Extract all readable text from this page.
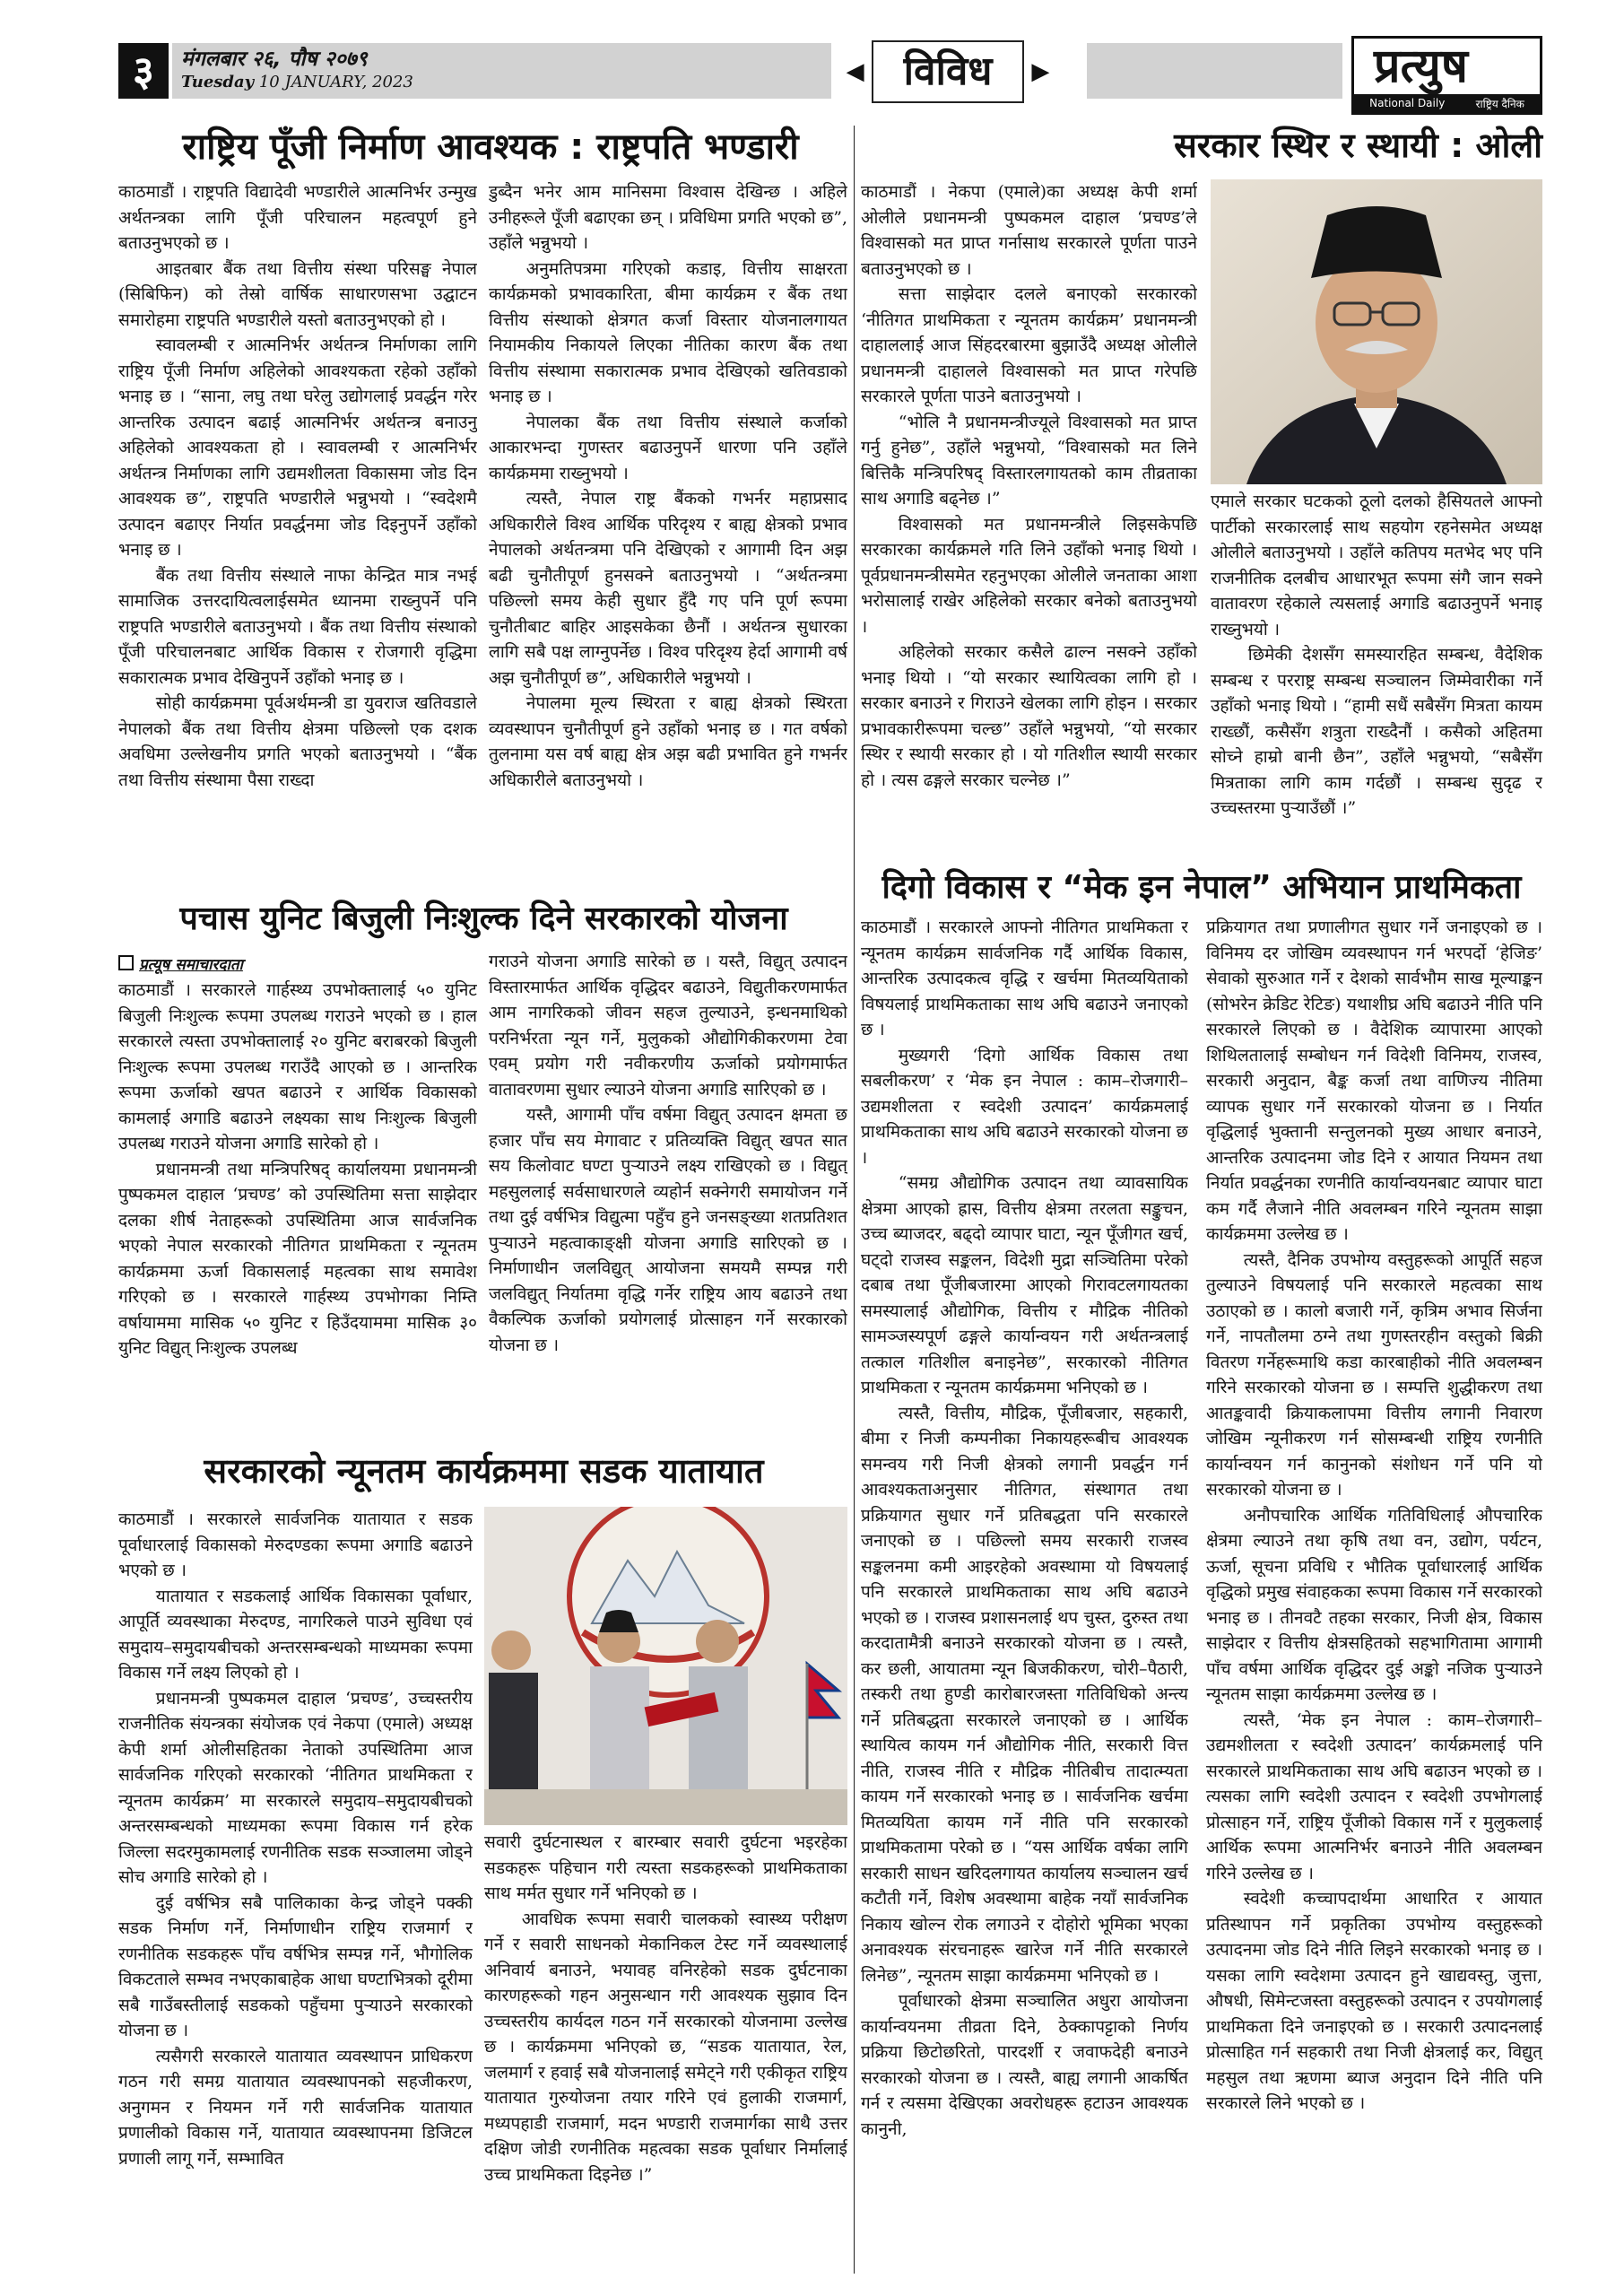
३	मंगलबार २६, पौष २०७९
Tuesday 10 JANUARY, 2023	◀	विविध	▶	प्रत्युष
National Daily	राष्ट्रिय दैनिक
राष्ट्रिय पूँजी निर्माण आवश्यक : राष्ट्रपति भण्डारी

काठमाडौं । राष्ट्रपति विद्यादेवी भण्डारीले आत्मनिर्भर उन्मुख अर्थतन्त्रका लागि पूँजी परिचालन महत्वपूर्ण हुने बताउनुभएको छ ।

आइतबार बैंक तथा वित्तीय संस्था परिसङ्घ नेपाल (सिबिफिन) को तेस्रो वार्षिक साधारणसभा उद्घाटन समारोहमा राष्ट्रपति भण्डारीले यस्तो बताउनुभएको हो ।

स्वावलम्बी र आत्मनिर्भर अर्थतन्त्र निर्माणका लागि राष्ट्रिय पूँजी निर्माण अहिलेको आवश्यकता रहेको उहाँको भनाइ छ । “साना, लघु तथा घरेलु उद्योगलाई प्रवर्द्धन गरेर आन्तरिक उत्पादन बढाई आत्मनिर्भर अर्थतन्त्र बनाउनु अहिलेको आवश्यकता हो । स्वावलम्बी र आत्मनिर्भर अर्थतन्त्र निर्माणका लागि उद्यमशीलता विकासमा जोड दिन आवश्यक छ”, राष्ट्रपति भण्डारीले भन्नुभयो । “स्वदेशमै उत्पादन बढाएर निर्यात प्रवर्द्धनमा जोड दिइनुपर्ने उहाँको भनाइ छ ।

बैंक तथा वित्तीय संस्थाले नाफा केन्द्रित मात्र नभई सामाजिक उत्तरदायित्वलाईसमेत ध्यानमा राख्नुपर्ने पनि राष्ट्रपति भण्डारीले बताउनुभयो । बैंक तथा वित्तीय संस्थाको पूँजी परिचालनबाट आर्थिक विकास र रोजगारी वृद्धिमा सकारात्मक प्रभाव देखिनुपर्ने उहाँको भनाइ छ ।

सोही कार्यक्रममा पूर्वअर्थमन्त्री डा युवराज खतिवडाले नेपालको बैंक तथा वित्तीय क्षेत्रमा पछिल्लो एक दशक अवधिमा उल्लेखनीय प्रगति भएको बताउनुभयो । “बैंक तथा वित्तीय संस्थामा पैसा राख्दा

डुब्दैन भनेर आम मानिसमा विश्वास देखिन्छ । अहिले उनीहरूले पूँजी बढाएका छन् । प्रविधिमा प्रगति भएको छ”, उहाँले भन्नुभयो ।

अनुमतिपत्रमा गरिएको कडाइ, वित्तीय साक्षरता कार्यक्रमको प्रभावकारिता, बीमा कार्यक्रम र बैंक तथा वित्तीय संस्थाको क्षेत्रगत कर्जा विस्तार योजनालगायत नियामकीय निकायले लिएका नीतिका कारण बैंक तथा वित्तीय संस्थामा सकारात्मक प्रभाव देखिएको खतिवडाको भनाइ छ ।

नेपालका बैंक तथा वित्तीय संस्थाले कर्जाको आकारभन्दा गुणस्तर बढाउनुपर्ने धारणा पनि उहाँले कार्यक्रममा राख्नुभयो ।

त्यस्तै, नेपाल राष्ट्र बैंकको गभर्नर महाप्रसाद अधिकारीले विश्व आर्थिक परिदृश्य र बाह्य क्षेत्रको प्रभाव नेपालको अर्थतन्त्रमा पनि देखिएको र आगामी दिन अझ बढी चुनौतीपूर्ण हुनसक्ने बताउनुभयो । “अर्थतन्त्रमा पछिल्लो समय केही सुधार हुँदै गए पनि पूर्ण रूपमा चुनौतीबाट बाहिर आइसकेका छैनौं । अर्थतन्त्र सुधारका लागि सबै पक्ष लाग्नुपर्नेछ । विश्व परिदृश्य हेर्दा आगामी वर्ष अझ चुनौतीपूर्ण छ”, अधिकारीले भन्नुभयो ।

नेपालमा मूल्य स्थिरता र बाह्य क्षेत्रको स्थिरता व्यवस्थापन चुनौतीपूर्ण हुने उहाँको भनाइ छ । गत वर्षको तुलनामा यस वर्ष बाह्य क्षेत्र अझ बढी प्रभावित हुने गभर्नर अधिकारीले बताउनुभयो ।

सरकार स्थिर र स्थायी : ओली

काठमाडौं । नेकपा (एमाले)का अध्यक्ष केपी शर्मा ओलीले प्रधानमन्त्री पुष्पकमल दाहाल ‘प्रचण्ड’ले विश्वासको मत प्राप्त गर्नासाथ सरकारले पूर्णता पाउने बताउनुभएको छ ।

सत्ता साझेदार दलले बनाएको सरकारको ‘नीतिगत प्राथमिकता र न्यूनतम कार्यक्रम’ प्रधानमन्त्री दाहाललाई आज सिंहदरबारमा बुझाउँदै अध्यक्ष ओलीले प्रधानमन्त्री दाहालले विश्वासको मत प्राप्त गरेपछि सरकारले पूर्णता पाउने बताउनुभयो ।

“भोलि नै प्रधानमन्त्रीज्यूले विश्वासको मत प्राप्त गर्नु हुनेछ”, उहाँले भन्नुभयो, “विश्वासको मत लिने बित्तिकै मन्त्रिपरिषद् विस्तारलगायतको काम तीव्रताका साथ अगाडि बढ्नेछ ।”

विश्वासको मत प्रधानमन्त्रीले लिइसकेपछि सरकारका कार्यक्रमले गति लिने उहाँको भनाइ थियो । पूर्वप्रधानमन्त्रीसमेत रहनुभएका ओलीले जनताका आशा भरोसालाई राखेर अहिलेको सरकार बनेको बताउनुभयो ।

अहिलेको सरकार कसैले ढाल्न नसक्ने उहाँको भनाइ थियो । “यो सरकार स्थायित्वका लागि हो । सरकार बनाउने र गिराउने खेलका लागि होइन । सरकार प्रभावकारीरूपमा चल्छ” उहाँले भन्नुभयो, “यो सरकार स्थिर र स्थायी सरकार हो । यो गतिशील स्थायी सरकार हो । त्यस ढङ्गले सरकार चल्नेछ ।”

एमाले सरकार घटकको ठूलो दलको हैसियतले आफ्नो पार्टीको सरकारलाई साथ सहयोग रहनेसमेत अध्यक्ष ओलीले बताउनुभयो । उहाँले कतिपय मतभेद भए पनि राजनीतिक दलबीच आधारभूत रूपमा संगै जान सक्ने वातावरण रहेकाले त्यसलाई अगाडि बढाउनुपर्ने भनाइ राख्नुभयो ।

छिमेकी देशसँग समस्यारहित सम्बन्ध, वैदेशिक सम्बन्ध र परराष्ट्र सम्बन्ध सञ्चालन जिम्मेवारीका गर्ने उहाँको भनाइ थियो । “हामी सधैं सबैसँग मित्रता कायम राख्छौं, कसैसँग शत्रुता राख्दैनौं । कसैको अहितमा सोच्ने हाम्रो बानी छैन”, उहाँले भन्नुभयो, “सबैसँग मित्रताका लागि काम गर्दछौं । सम्बन्ध सुदृढ र उच्चस्तरमा पुऱ्याउँछौं ।”

दिगो विकास र “मेक इन नेपाल” अभियान प्राथमिकता

काठमाडौं । सरकारले आफ्नो नीतिगत प्राथमिकता र न्यूनतम कार्यक्रम सार्वजनिक गर्दै आर्थिक विकास, आन्तरिक उत्पादकत्व वृद्धि र खर्चमा मितव्ययिताको विषयलाई प्राथमिकताका साथ अघि बढाउने जनाएको छ ।

मुख्यगरी ‘दिगो आर्थिक विकास तथा सबलीकरण’ र ‘मेक इन नेपाल : काम–रोजगारी–उद्यमशीलता र स्वदेशी उत्पादन’ कार्यक्रमलाई प्राथमिकताका साथ अघि बढाउने सरकारको योजना छ ।

“समग्र औद्योगिक उत्पादन तथा व्यावसायिक क्षेत्रमा आएको ह्रास, वित्तीय क्षेत्रमा तरलता सङ्कुचन, उच्च ब्याजदर, बढ्दो व्यापार घाटा, न्यून पूँजीगत खर्च, घट्दो राजस्व सङ्कलन, विदेशी मुद्रा सञ्चितिमा परेको दबाब तथा पूँजीबजारमा आएको गिरावटलगायतका समस्यालाई औद्योगिक, वित्तीय र मौद्रिक नीतिको सामञ्जस्यपूर्ण ढङ्गले कार्यान्वयन गरी अर्थतन्त्रलाई तत्काल गतिशील बनाइनेछ”, सरकारको नीतिगत प्राथमिकता र न्यूनतम कार्यक्रममा भनिएको छ ।

त्यस्तै, वित्तीय, मौद्रिक, पूँजीबजार, सहकारी, बीमा र निजी कम्पनीका निकायहरूबीच आवश्यक समन्वय गरी निजी क्षेत्रको लगानी प्रवर्द्धन गर्न आवश्यकताअनुसार नीतिगत, संस्थागत तथा प्रक्रियागत सुधार गर्ने प्रतिबद्धता पनि सरकारले जनाएको छ । पछिल्लो समय सरकारी राजस्व सङ्कलनमा कमी आइरहेको अवस्थामा यो विषयलाई पनि सरकारले प्राथमिकताका साथ अघि बढाउने भएको छ । राजस्व प्रशासनलाई थप चुस्त, दुरुस्त तथा करदातामैत्री बनाउने सरकारको योजना छ । त्यस्तै, कर छली, आयातमा न्यून बिजकीकरण, चोरी–पैठारी, तस्करी तथा हुण्डी कारोबारजस्ता गतिविधिको अन्त्य गर्ने प्रतिबद्धता सरकारले जनाएको छ । आर्थिक स्थायित्व कायम गर्न औद्योगिक नीति, सरकारी वित्त नीति, राजस्व नीति र मौद्रिक नीतिबीच तादात्म्यता कायम गर्ने सरकारको भनाइ छ । सार्वजनिक खर्चमा मितव्ययिता कायम गर्ने नीति पनि सरकारको प्राथमिकतामा परेको छ । “यस आर्थिक वर्षका लागि सरकारी साधन खरिदलगायत कार्यालय सञ्चालन खर्च कटौती गर्ने, विशेष अवस्थामा बाहेक नयाँ सार्वजनिक निकाय खोल्न रोक लगाउने र दोहोरो भूमिका भएका अनावश्यक संरचनाहरू खारेज गर्ने नीति सरकारले लिनेछ”, न्यूनतम साझा कार्यक्रममा भनिएको छ ।

पूर्वाधारको क्षेत्रमा सञ्चालित अधुरा आयोजना कार्यान्वयनमा तीव्रता दिने, ठेक्कापट्टाको निर्णय प्रक्रिया छिटोछरितो, पारदर्शी र जवाफदेही बनाउने सरकारको योजना छ । त्यस्तै, बाह्य लगानी आकर्षित गर्न र त्यसमा देखिएका अवरोधहरू हटाउन आवश्यक कानुनी,

प्रक्रियागत तथा प्रणालीगत सुधार गर्ने जनाइएको छ । विनिमय दर जोखिम व्यवस्थापन गर्न भरपर्दो ‘हेजिङ’ सेवाको सुरुआत गर्ने र देशको सार्वभौम साख मूल्याङ्कन (सोभरेन क्रेडिट रेटिङ) यथाशीघ्र अघि बढाउने नीति पनि सरकारले लिएको छ । वैदेशिक व्यापारमा आएको शिथिलतालाई सम्बोधन गर्न विदेशी विनिमय, राजस्व, सरकारी अनुदान, बैङ्क कर्जा तथा वाणिज्य नीतिमा व्यापक सुधार गर्ने सरकारको योजना छ । निर्यात वृद्धिलाई भुक्तानी सन्तुलनको मुख्य आधार बनाउने, आन्तरिक उत्पादनमा जोड दिने र आयात नियमन तथा निर्यात प्रवर्द्धनका रणनीति कार्यान्वयनबाट व्यापार घाटा कम गर्दै लैजाने नीति अवलम्बन गरिने न्यूनतम साझा कार्यक्रममा उल्लेख छ ।

त्यस्तै, दैनिक उपभोग्य वस्तुहरूको आपूर्ति सहज तुल्याउने विषयलाई पनि सरकारले महत्वका साथ उठाएको छ । कालो बजारी गर्ने, कृत्रिम अभाव सिर्जना गर्ने, नापतौलमा ठग्ने तथा गुणस्तरहीन वस्तुको बिक्री वितरण गर्नेहरूमाथि कडा कारबाहीको नीति अवलम्बन गरिने सरकारको योजना छ । सम्पत्ति शुद्धीकरण तथा आतङ्कवादी क्रियाकलापमा वित्तीय लगानी निवारण जोखिम न्यूनीकरण गर्न सोसम्बन्धी राष्ट्रिय रणनीति कार्यान्वयन गर्न कानुनको संशोधन गर्ने पनि यो सरकारको योजना छ ।

अनौपचारिक आर्थिक गतिविधिलाई औपचारिक क्षेत्रमा ल्याउने तथा कृषि तथा वन, उद्योग, पर्यटन, ऊर्जा, सूचना प्रविधि र भौतिक पूर्वाधारलाई आर्थिक वृद्धिको प्रमुख संवाहकका रूपमा विकास गर्ने सरकारको भनाइ छ । तीनवटै तहका सरकार, निजी क्षेत्र, विकास साझेदार र वित्तीय क्षेत्रसहितको सहभागितामा आगामी पाँच वर्षमा आर्थिक वृद्धिदर दुई अङ्को नजिक पुऱ्याउने न्यूनतम साझा कार्यक्रममा उल्लेख छ ।

त्यस्तै, ‘मेक इन नेपाल : काम–रोजगारी–उद्यमशीलता र स्वदेशी उत्पादन’ कार्यक्रमलाई पनि सरकारले प्राथमिकताका साथ अघि बढाउन भएको छ । त्यसका लागि स्वदेशी उत्पादन र स्वदेशी उपभोगलाई प्रोत्साहन गर्ने, राष्ट्रिय पूँजीको विकास गर्ने र मुलुकलाई आर्थिक रूपमा आत्मनिर्भर बनाउने नीति अवलम्बन गरिने उल्लेख छ ।

स्वदेशी कच्चापदार्थमा आधारित र आयात प्रतिस्थापन गर्ने प्रकृतिका उपभोग्य वस्तुहरूको उत्पादनमा जोड दिने नीति लिइने सरकारको भनाइ छ । यसका लागि स्वदेशमा उत्पादन हुने खाद्यवस्तु, जुत्ता, औषधी, सिमेन्टजस्ता वस्तुहरूको उत्पादन र उपयोगलाई प्राथमिकता दिने जनाइएको छ । सरकारी उत्पादनलाई प्रोत्साहित गर्न सहकारी तथा निजी क्षेत्रलाई कर, विद्युत् महसुल तथा ऋणमा ब्याज अनुदान दिने नीति पनि सरकारले लिने भएको छ ।

पचास युनिट बिजुली निःशुल्क दिने सरकारको योजना
प्रत्यूष समाचारदाता

काठमाडौं । सरकारले गार्हस्थ्य उपभोक्तालाई ५० युनिट बिजुली निःशुल्क रूपमा उपलब्ध गराउने भएको छ । हाल सरकारले त्यस्ता उपभोक्तालाई २० युनिट बराबरको बिजुली निःशुल्क रूपमा उपलब्ध गराउँदै आएको छ । आन्तरिक रूपमा ऊर्जाको खपत बढाउने र आर्थिक विकासको कामलाई अगाडि बढाउने लक्ष्यका साथ निःशुल्क बिजुली उपलब्ध गराउने योजना अगाडि सारेको हो ।

प्रधानमन्त्री तथा मन्त्रिपरिषद् कार्यालयमा प्रधानमन्त्री पुष्पकमल दाहाल ‘प्रचण्ड’ को उपस्थितिमा सत्ता साझेदार दलका शीर्ष नेताहरूको उपस्थितिमा आज सार्वजनिक भएको नेपाल सरकारको नीतिगत प्राथमिकता र न्यूनतम कार्यक्रममा ऊर्जा विकासलाई महत्वका साथ समावेश गरिएको छ । सरकारले गार्हस्थ्य उपभोगका निम्ति वर्षायाममा मासिक ५० युनिट र हिउँदयाममा मासिक ३० युनिट विद्युत् निःशुल्क उपलब्ध

गराउने योजना अगाडि सारेको छ । यस्तै, विद्युत् उत्पादन विस्तारमार्फत आर्थिक वृद्धिदर बढाउने, विद्युतीकरणमार्फत आम नागरिकको जीवन सहज तुल्याउने, इन्धनमाथिको परनिर्भरता न्यून गर्ने, मुलुकको औद्योगिकीकरणमा टेवा एवम् प्रयोग गरी नवीकरणीय ऊर्जाको प्रयोगमार्फत वातावरणमा सुधार ल्याउने योजना अगाडि सारिएको छ ।

यस्तै, आगामी पाँच वर्षमा विद्युत् उत्पादन क्षमता छ हजार पाँच सय मेगावाट र प्रतिव्यक्ति विद्युत् खपत सात सय किलोवाट घण्टा पुऱ्याउने लक्ष्य राखिएको छ । विद्युत् महसुललाई सर्वसाधारणले व्यहोर्न सक्नेगरी समायोजन गर्ने तथा दुई वर्षभित्र विद्युत्मा पहुँच हुने जनसङ्ख्या शतप्रतिशत पुऱ्याउने महत्वाकाङ्क्षी योजना अगाडि सारिएको छ । निर्माणाधीन जलविद्युत् आयोजना समयमै सम्पन्न गरी जलविद्युत् निर्यातमा वृद्धि गर्नेर राष्ट्रिय आय बढाउने तथा वैकल्पिक ऊर्जाको प्रयोगलाई प्रोत्साहन गर्ने सरकारको योजना छ ।

सरकारको न्यूनतम कार्यक्रममा सडक यातायात

काठमाडौं । सरकारले सार्वजनिक यातायात र सडक पूर्वाधारलाई विकासको मेरुदण्डका रूपमा अगाडि बढाउने भएको छ ।

यातायात र सडकलाई आर्थिक विकासका पूर्वाधार, आपूर्ति व्यवस्थाका मेरुदण्ड, नागरिकले पाउने सुविधा एवं समुदाय–समुदायबीचको अन्तरसम्बन्धको माध्यमका रूपमा विकास गर्ने लक्ष्य लिएको हो ।

प्रधानमन्त्री पुष्पकमल दाहाल ‘प्रचण्ड’, उच्चस्तरीय राजनीतिक संयन्त्रका संयोजक एवं नेकपा (एमाले) अध्यक्ष केपी शर्मा ओलीसहितका नेताको उपस्थितिमा आज सार्वजनिक गरिएको सरकारको ‘नीतिगत प्राथमिकता र न्यूनतम कार्यक्रम’ मा सरकारले समुदाय–समुदायबीचको अन्तरसम्बन्धको माध्यमका रूपमा विकास गर्न हरेक जिल्ला सदरमुकामलाई रणनीतिक सडक सञ्जालमा जोड्ने सोच अगाडि सारेको हो ।

दुई वर्षभित्र सबै पालिकाका केन्द्र जोड्ने पक्की सडक निर्माण गर्ने, निर्माणाधीन राष्ट्रिय राजमार्ग र रणनीतिक सडकहरू पाँच वर्षभित्र सम्पन्न गर्ने, भौगोलिक विकटताले सम्भव नभएकाबाहेक आधा घण्टाभित्रको दूरीमा सबै गाउँबस्तीलाई सडकको पहुँचमा पुऱ्याउने सरकारको योजना छ ।

त्यसैगरी सरकारले यातायात व्यवस्थापन प्राधिकरण गठन गरी समग्र यातायात व्यवस्थापनको सहजीकरण, अनुगमन र नियमन गर्ने गरी सार्वजनिक यातायात प्रणालीको विकास गर्ने, यातायात व्यवस्थापनमा डिजिटल प्रणाली लागू गर्ने, सम्भावित

सवारी दुर्घटनास्थल र बारम्बार सवारी दुर्घटना भइरहेका सडकहरू पहिचान गरी त्यस्ता सडकहरूको प्राथमिकताका साथ मर्मत सुधार गर्ने भनिएको छ ।

आवधिक रूपमा सवारी चालकको स्वास्थ्य परीक्षण गर्ने र सवारी साधनको मेकानिकल टेस्ट गर्ने व्यवस्थालाई अनिवार्य बनाउने, भयावह वनिरहेको सडक दुर्घटनाका कारणहरूको गहन अनुसन्धान गरी आवश्यक सुझाव दिन उच्चस्तरीय कार्यदल गठन गर्ने सरकारको योजनामा उल्लेख छ । कार्यक्रममा भनिएको छ, “सडक यातायात, रेल, जलमार्ग र हवाई सबै योजनालाई समेट्ने गरी एकीकृत राष्ट्रिय यातायात गुरुयोजना तयार गरिने एवं हुलाकी राजमार्ग, मध्यपहाडी राजमार्ग, मदन भण्डारी राजमार्गका साथै उत्तर दक्षिण जोडी रणनीतिक महत्वका सडक पूर्वाधार निर्मालाई उच्च प्राथमिकता दिइनेछ ।”
